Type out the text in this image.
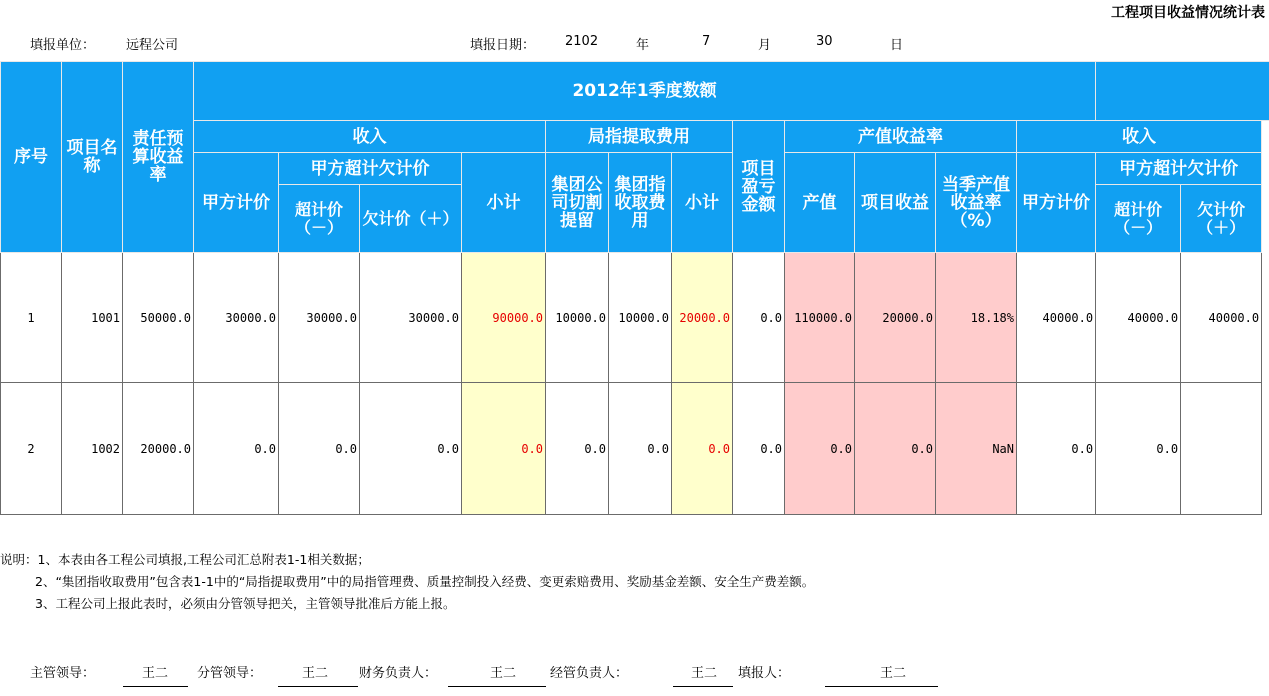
工程项目收益情况统计表
填报单位： 远程公司	填报日期： 2102	年	7	月	30	日
序号	项目名称	责任预算收益率	2012年1季度数额													
			收入				局指提取费用			项目盈亏金额	产值收益率			收入		
			甲方计价	甲方超计欠计价		小计	集团公司切割提留	集团指收取费用	小计		产值	项目收益	当季产值收益率（%）	甲方计价	甲方超计欠计价	
				超计价（－）	欠计价（＋）										超计价（－）	欠计价（＋）
1	1001	50000.0	30000.0	30000.0	30000.0	90000.0	10000.0	10000.0	20000.0	0.0	110000.0	20000.0	18.18%	40000.0	40000.0	40000.0
2	1002	20000.0	0.0	0.0	0.0	0.0	0.0	0.0	0.0	0.0	0.0	0.0	NaN	0.0	0.0	
说明：1、本表由各工程公司填报,工程公司汇总附表1-1相关数据；
2、“集团指收取费用”包含表1-1中的“局指提取费用”中的局指管理费、质量控制投入经费、变更索赔费用、奖励基金差额、安全生产费差额。
3、工程公司上报此表时，必须由分管领导把关，主管领导批准后方能上报。
主管领导：	王二 分管领导：	王二 财务负责人：	王二	经管负责人：	王二 填报人：	王二
